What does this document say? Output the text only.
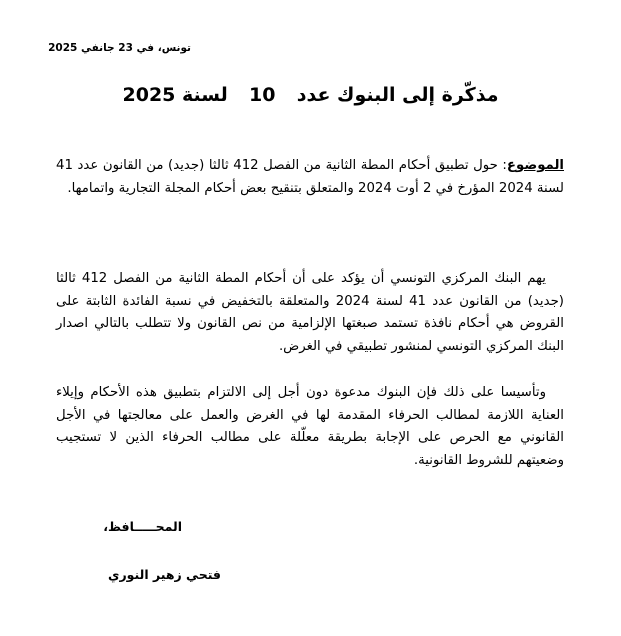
تونس، في 23 جانفي 2025
مذكّرة إلى البنوك عدد  10  لسنة 2025
الموضوع: حول تطبيق أحكام المطة الثانية من الفصل 412 ثالثا (جديد) من القانون عدد 41 لسنة 2024 المؤرخ في 2 أوت 2024 والمتعلق بتنقيح بعض أحكام المجلة التجارية واتمامها.
يهم البنك المركزي التونسي أن يؤكد على أن أحكام المطة الثانية من الفصل 412 ثالثا (جديد) من القانون عدد 41 لسنة 2024 والمتعلقة بالتخفيض في نسبة الفائدة الثابتة على القروض هي أحكام نافذة تستمد صبغتها الإلزامية من نص القانون ولا تتطلب بالتالي اصدار البنك المركزي التونسي لمنشور تطبيقي في الغرض.
وتأسيسا على ذلك فإن البنوك مدعوة دون أجل إلى الالتزام بتطبيق هذه الأحكام وإيلاء العناية اللازمة لمطالب الحرفاء المقدمة لها في الغرض والعمل على معالجتها في الأجل القانوني مع الحرص على الإجابة بطريقة معلّلة على مطالب الحرفاء الذين لا تستجيب وضعيتهم للشروط القانونية.
المحـــــافظ،
فتحي زهير النوري
